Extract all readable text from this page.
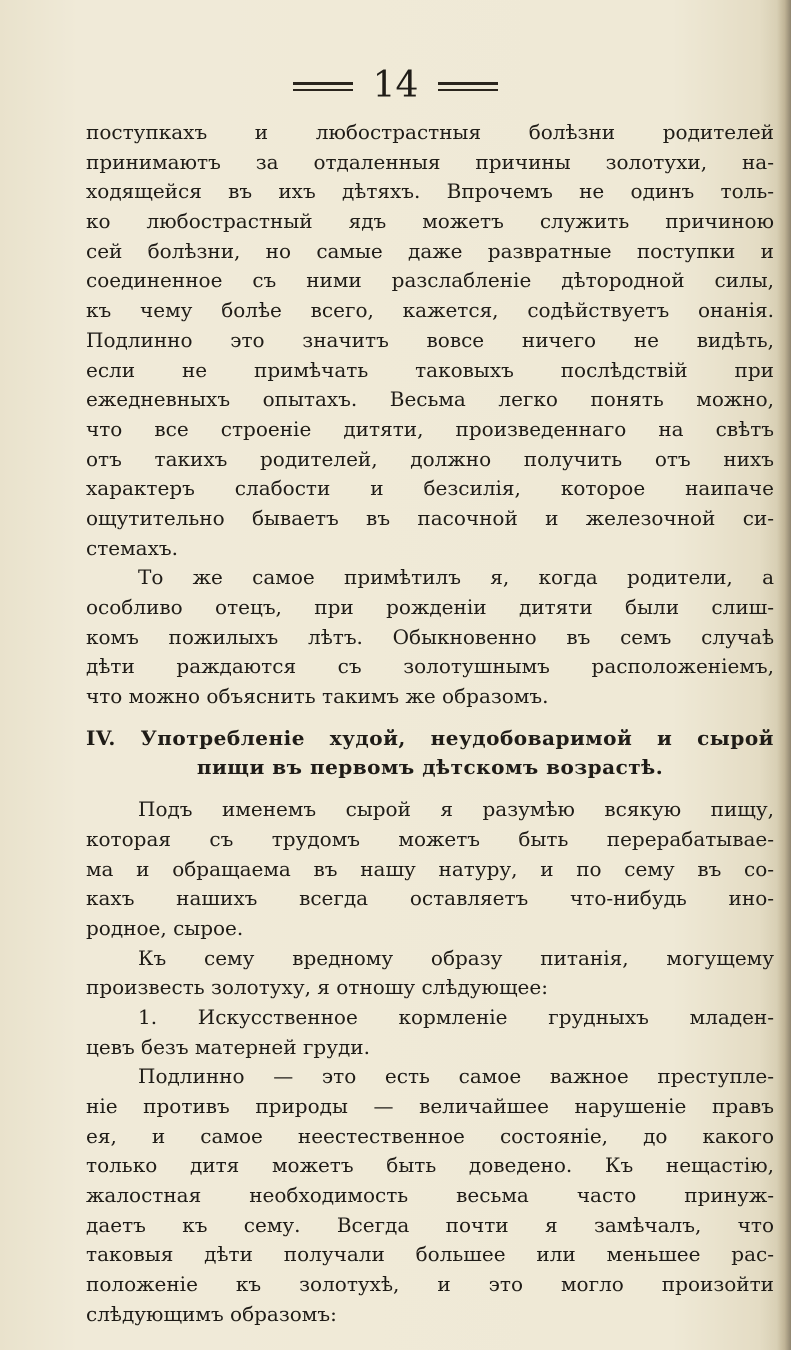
14
поступкахъ и любострастныя болѣзни родителей
принимаютъ за отдаленныя причины золотухи, на-
ходящейся въ ихъ дѣтяхъ. Впрочемъ не одинъ толь-
ко любострастный ядъ можетъ служить причиною
сей болѣзни, но самые даже развратные поступки и
соединенное съ ними разслабленіе дѣтородной силы,
къ чему болѣе всего, кажется, содѣйствуетъ онанія.
Подлинно это значитъ вовсе ничего не видѣть,
если не примѣчать таковыхъ послѣдствій при
ежедневныхъ опытахъ. Весьма легко понять можно,
что все строеніе дитяти, произведеннаго на свѣтъ
отъ такихъ родителей, должно получить отъ нихъ
характеръ слабости и безсилія, которое наипаче
ощутительно бываетъ въ пасочной и железочной си-
стемахъ.
То же самое примѣтилъ я, когда родители, а
особливо отецъ, при рожденіи дитяти были слиш-
комъ пожилыхъ лѣтъ. Обыкновенно въ семъ случаѣ
дѣти раждаются съ золотушнымъ расположеніемъ,
что можно объяснить такимъ же образомъ.
IV. Употребленіе худой, неудобоваримой и сырой
пищи въ первомъ дѣтскомъ возрастѣ.
Подъ именемъ сырой я разумѣю всякую пищу,
которая съ трудомъ можетъ быть перерабатывае-
ма и обращаема въ нашу натуру, и по сему въ со-
кахъ нашихъ всегда оставляетъ что-нибудь ино-
родное, сырое.
Къ сему вредному образу питанія, могущему
произвесть золотуху, я отношу слѣдующее:
1. Искусственное кормленіе грудныхъ младен-
цевъ безъ матерней груди.
Подлинно — это есть самое важное преступле-
ніе противъ природы — величайшее нарушеніе правъ
ея, и самое неестественное состояніе, до какого
только дитя можетъ быть доведено. Къ нещастію,
жалостная необходимость весьма часто принуж-
даетъ къ сему. Всегда почти я замѣчалъ, что
таковыя дѣти получали большее или меньшее рас-
положеніе къ золотухѣ, и это могло произойти
слѣдующимъ образомъ:
